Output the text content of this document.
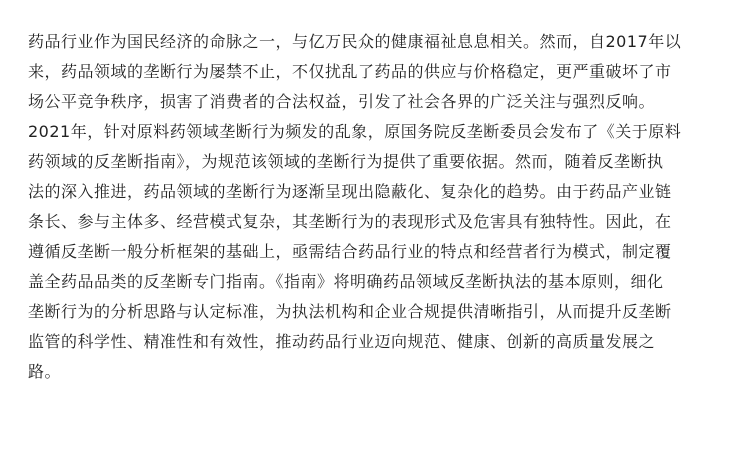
药品行业作为国民经济的命脉之一，与亿万民众的健康福祉息息相关。然而，自2017年以
来，药品领域的垄断行为屡禁不止，不仅扰乱了药品的供应与价格稳定，更严重破坏了市
场公平竞争秩序，损害了消费者的合法权益，引发了社会各界的广泛关注与强烈反响。
2021年，针对原料药领域垄断行为频发的乱象，原国务院反垄断委员会发布了《关于原料
药领域的反垄断指南》，为规范该领域的垄断行为提供了重要依据。然而，随着反垄断执
法的深入推进，药品领域的垄断行为逐渐呈现出隐蔽化、复杂化的趋势。由于药品产业链
条长、参与主体多、经营模式复杂，其垄断行为的表现形式及危害具有独特性。因此，在
遵循反垄断一般分析框架的基础上，亟需结合药品行业的特点和经营者行为模式，制定覆
盖全药品品类的反垄断专门指南。《指南》将明确药品领域反垄断执法的基本原则，细化
垄断行为的分析思路与认定标准，为执法机构和企业合规提供清晰指引，从而提升反垄断
监管的科学性、精准性和有效性，推动药品行业迈向规范、健康、创新的高质量发展之
路。
